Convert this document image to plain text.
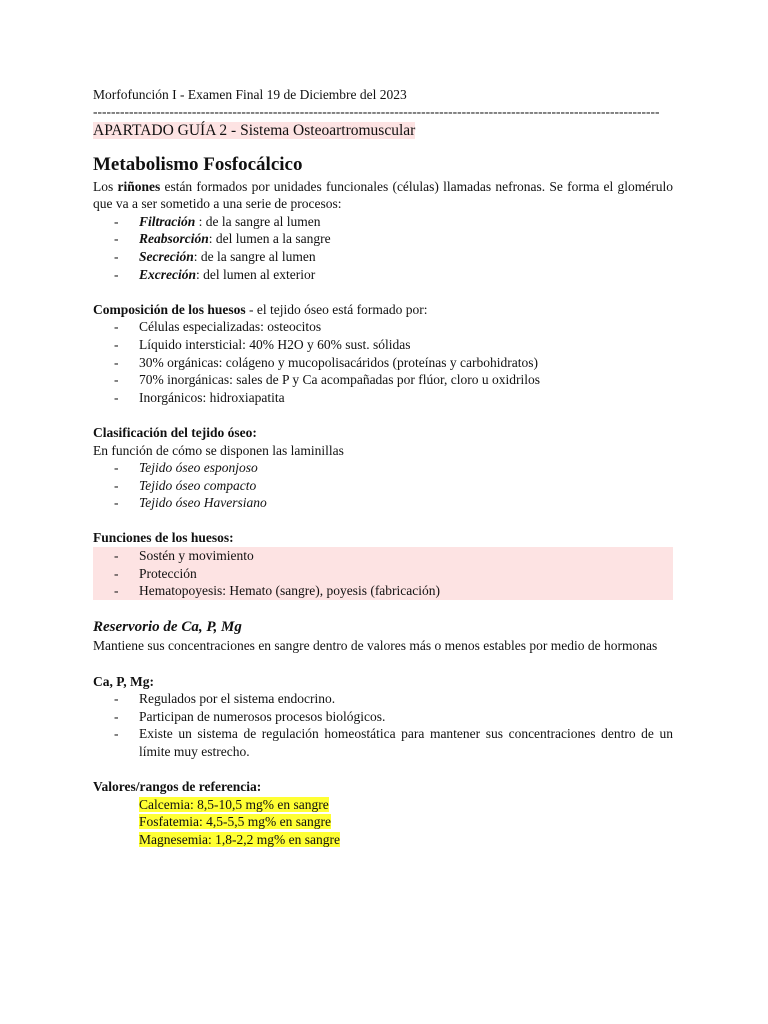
Morfofunción I - Examen Final 19 de Diciembre del 2023
------------------------------------------------------------------------------------------------------------------------------
APARTADO GUÍA 2 - Sistema Osteoartromuscular
Metabolismo Fosfocálcico
Los riñones están formados por unidades funcionales (células) llamadas nefronas. Se forma el glomérulo que va a ser sometido a una serie de procesos:
- Filtración : de la sangre al lumen
- Reabsorción: del lumen a la sangre
- Secreción: de la sangre al lumen
- Excreción: del lumen al exterior
Composición de los huesos - el tejido óseo está formado por:
- Células especializadas: osteocitos
- Líquido intersticial: 40% H2O y 60% sust. sólidas
- 30% orgánicas: colágeno y mucopolisacáridos (proteínas y carbohidratos)
- 70% inorgánicas: sales de P y Ca acompañadas por flúor, cloro u oxidrilos
- Inorgánicos: hidroxiapatita
Clasificación del tejido óseo:
En función de cómo se disponen las laminillas
- Tejido óseo esponjoso
- Tejido óseo compacto
- Tejido óseo Haversiano
Funciones de los huesos:
- Sostén y movimiento
- Protección
- Hematopoyesis: Hemato (sangre), poyesis (fabricación)
Reservorio de Ca, P, Mg
Mantiene sus concentraciones en sangre dentro de valores más o menos estables por medio de hormonas
Ca, P, Mg:
- Regulados por el sistema endocrino.
- Participan de numerosos procesos biológicos.
- Existe un sistema de regulación homeostática para mantener sus concentraciones dentro de un límite muy estrecho.
Valores/rangos de referencia:
Calcemia: 8,5-10,5 mg% en sangre
Fosfatemia: 4,5-5,5 mg% en sangre
Magnesemia: 1,8-2,2 mg% en sangre
